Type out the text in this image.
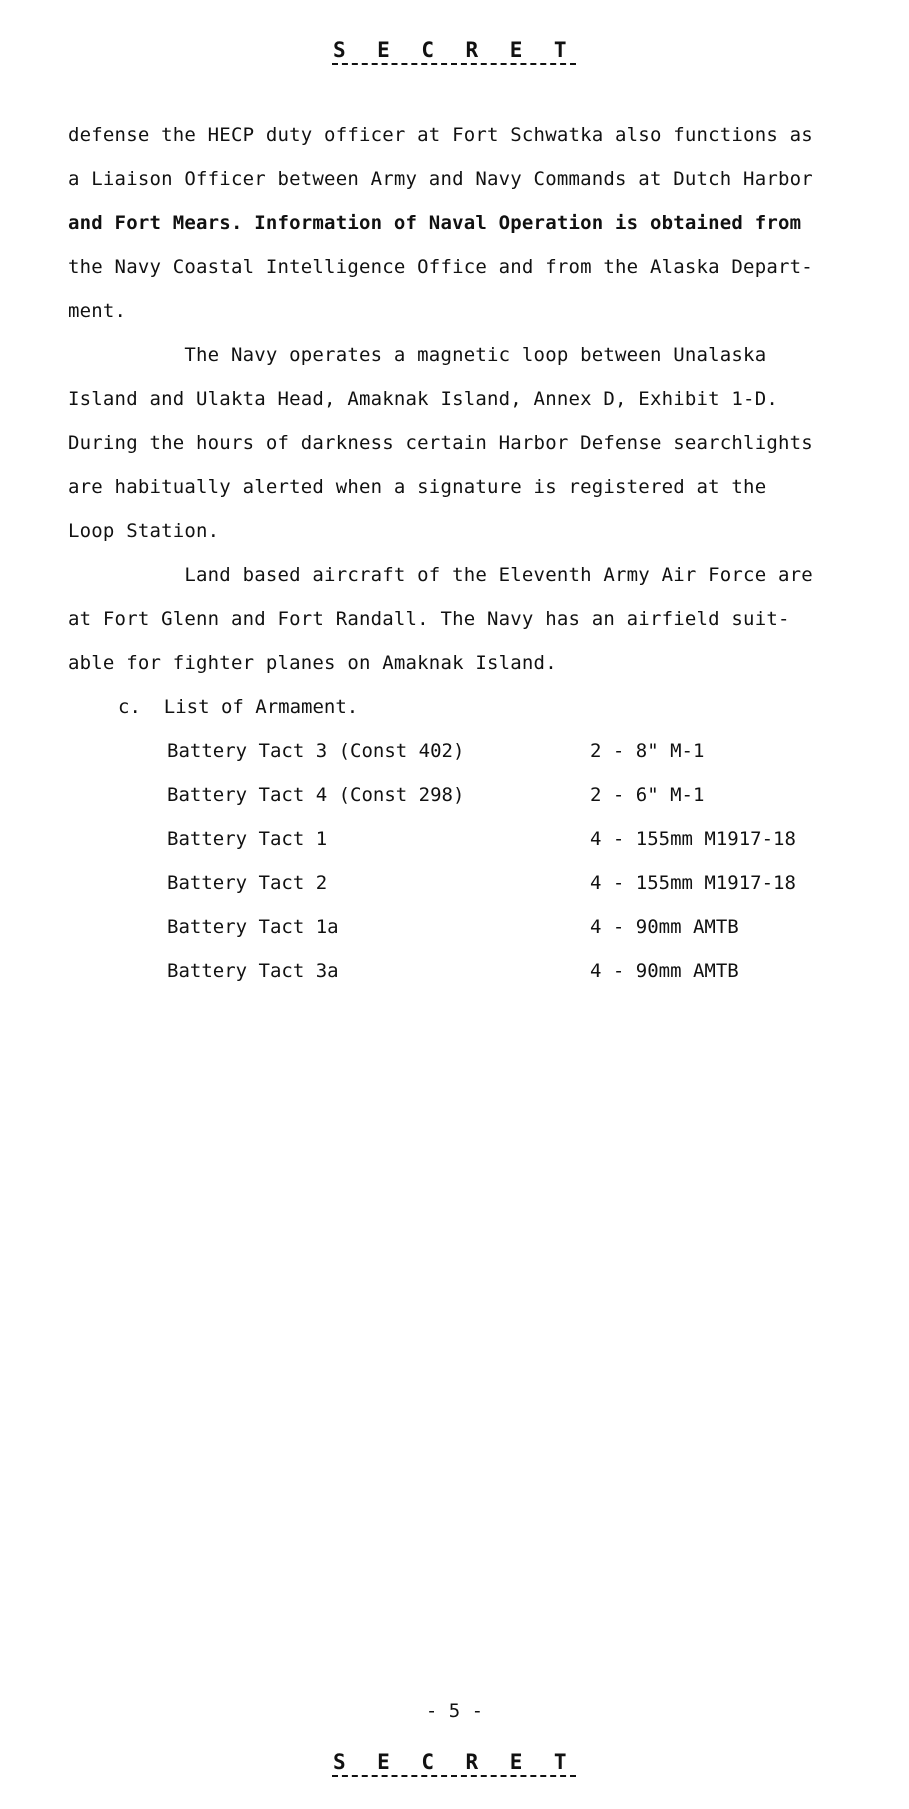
S E C R E T
defense the HECP duty officer at Fort Schwatka also functions as
a Liaison Officer between Army and Navy Commands at Dutch Harbor
and Fort Mears. Information of Naval Operation is obtained from
the Navy Coastal Intelligence Office and from the Alaska Depart-
ment.
The Navy operates a magnetic loop between Unalaska
Island and Ulakta Head, Amaknak Island, Annex D, Exhibit 1-D.
During the hours of darkness certain Harbor Defense searchlights
are habitually alerted when a signature is registered at the
Loop Station.
Land based aircraft of the Eleventh Army Air Force are
at Fort Glenn and Fort Randall. The Navy has an airfield suit-
able for fighter planes on Amaknak Island.
c.  List of Armament.
Battery Tact 3 (Const 402)	2 - 8" M-1
Battery Tact 4 (Const 298)	2 - 6" M-1
Battery Tact 1	4 - 155mm M1917-18
Battery Tact 2	4 - 155mm M1917-18
Battery Tact 1a	4 - 90mm AMTB
Battery Tact 3a	4 - 90mm AMTB
- 5 -
S E C R E T
